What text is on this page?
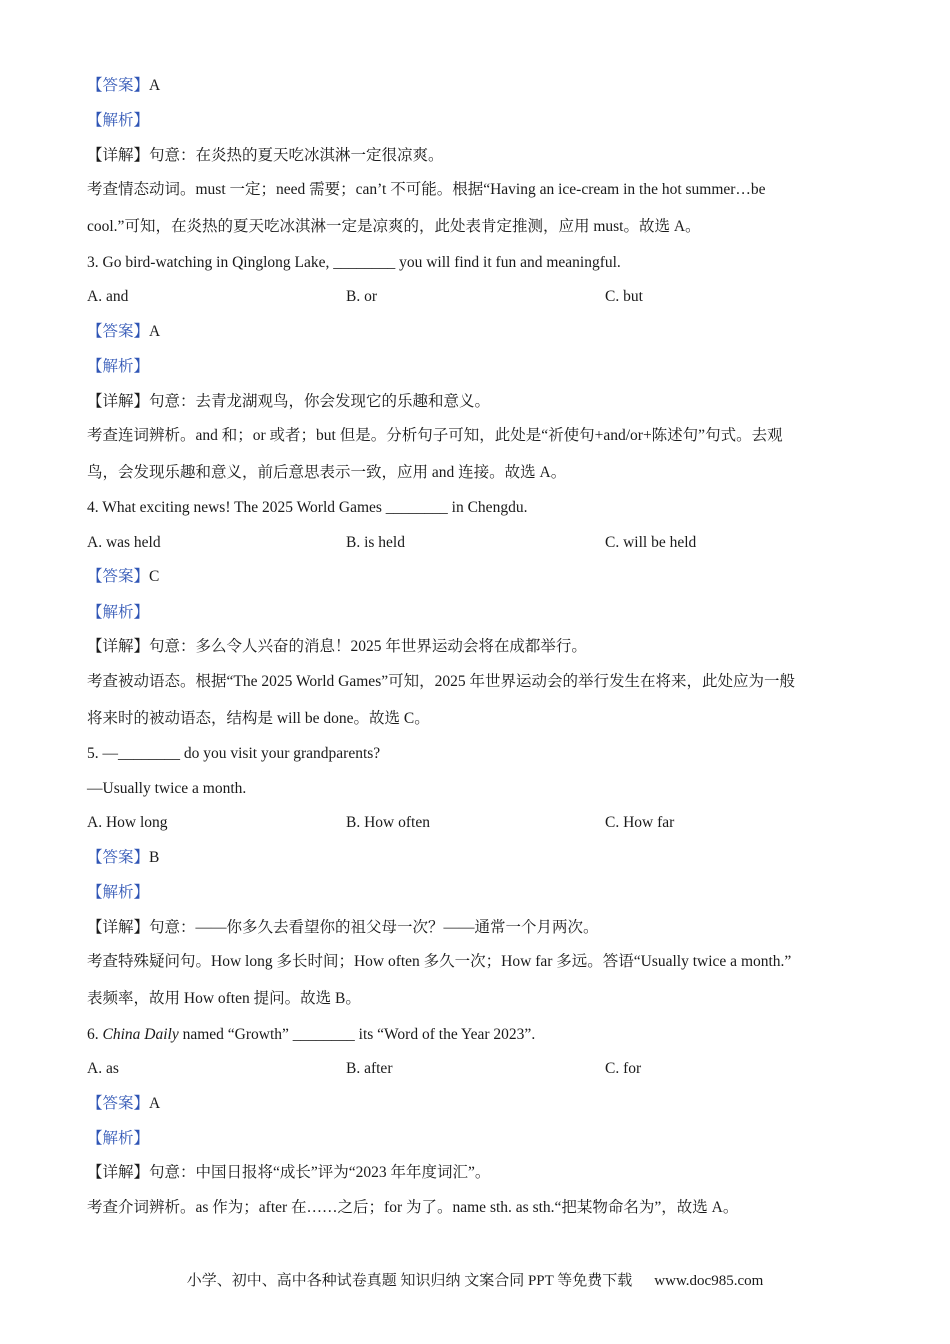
【答案】A
【解析】
【详解】句意：在炎热的夏天吃冰淇淋一定很凉爽。
考查情态动词。must 一定；need 需要；can’t 不可能。根据“Having an ice-cream in the hot summer…be
cool.”可知，在炎热的夏天吃冰淇淋一定是凉爽的，此处表肯定推测，应用 must。故选 A。
3. Go bird-watching in Qinglong Lake, ________ you will find it fun and meaningful.
A. and	B. or	C. but
【答案】A
【解析】
【详解】句意：去青龙湖观鸟，你会发现它的乐趣和意义。
考查连词辨析。and 和；or 或者；but 但是。分析句子可知，此处是“祈使句+and/or+陈述句”句式。去观
鸟，会发现乐趣和意义，前后意思表示一致，应用 and 连接。故选 A。
4. What exciting news! The 2025 World Games ________ in Chengdu.
A. was held	B. is held	C. will be held
【答案】C
【解析】
【详解】句意：多么令人兴奋的消息！2025 年世界运动会将在成都举行。
考查被动语态。根据“The 2025 World Games”可知，2025 年世界运动会的举行发生在将来，此处应为一般
将来时的被动语态，结构是 will be done。故选 C。
5. —________ do you visit your grandparents?
—Usually twice a month.
A. How long	B. How often	C. How far
【答案】B
【解析】
【详解】句意：——你多久去看望你的祖父母一次？——通常一个月两次。
考查特殊疑问句。How long 多长时间；How often 多久一次；How far 多远。答语“Usually twice a month.”
表频率，故用 How often 提问。故选 B。
6. China Daily named “Growth” ________ its “Word of the Year 2023”.
A. as	B. after	C. for
【答案】A
【解析】
【详解】句意：中国日报将“成长”评为“2023 年年度词汇”。
考查介词辨析。as 作为；after 在……之后；for 为了。name sth. as sth.“把某物命名为”，故选 A。
小学、初中、高中各种试卷真题 知识归纳 文案合同 PPT 等免费下载 www.doc985.com
